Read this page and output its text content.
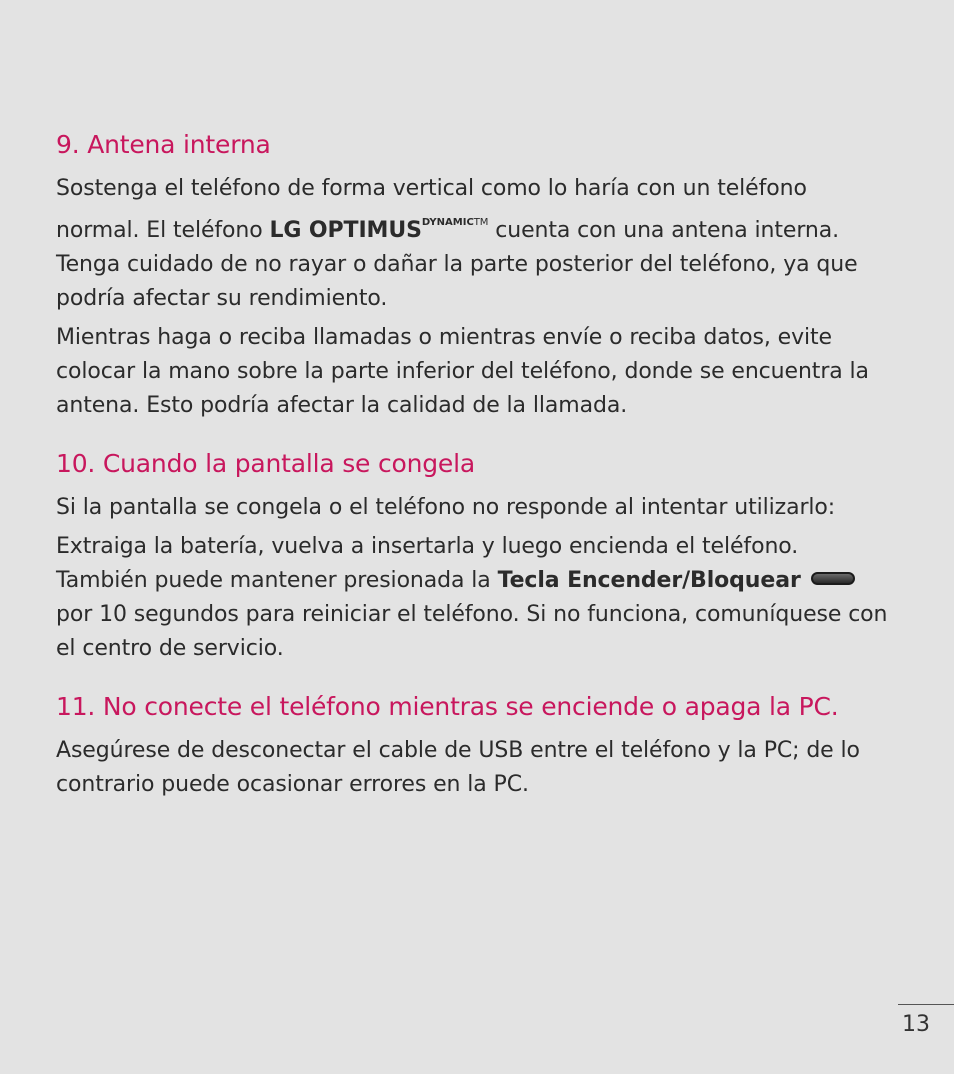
9. Antena interna

Sostenga el teléfono de forma vertical como lo haría con un teléfono normal. El teléfono LG $OPTIMUS^{DYNAMICTM}$ cuenta con una antena interna. Tenga cuidado de no rayar o dañar la parte posterior del teléfono, ya que podría afectar su rendimiento.

Mientras haga o reciba llamadas o mientras envíe o reciba datos, evite colocar la mano sobre la parte inferior del teléfono, donde se encuentra la antena. Esto podría afectar la calidad de la llamada.

10. Cuando la pantalla se congela

Si la pantalla se congela o el teléfono no responde al intentar utilizarlo:

Extraiga la batería, vuelva a insertarla y luego encienda el teléfono. También puede mantener presionada la Tecla Encender/Bloquear  por 10 segundos para reiniciar el teléfono. Si no funciona, comuníquese con el centro de servicio.

11. No conecte el teléfono mientras se enciende o apaga la PC.

Asegúrese de desconectar el cable de USB entre el teléfono y la PC; de lo contrario puede ocasionar errores en la PC.

13
